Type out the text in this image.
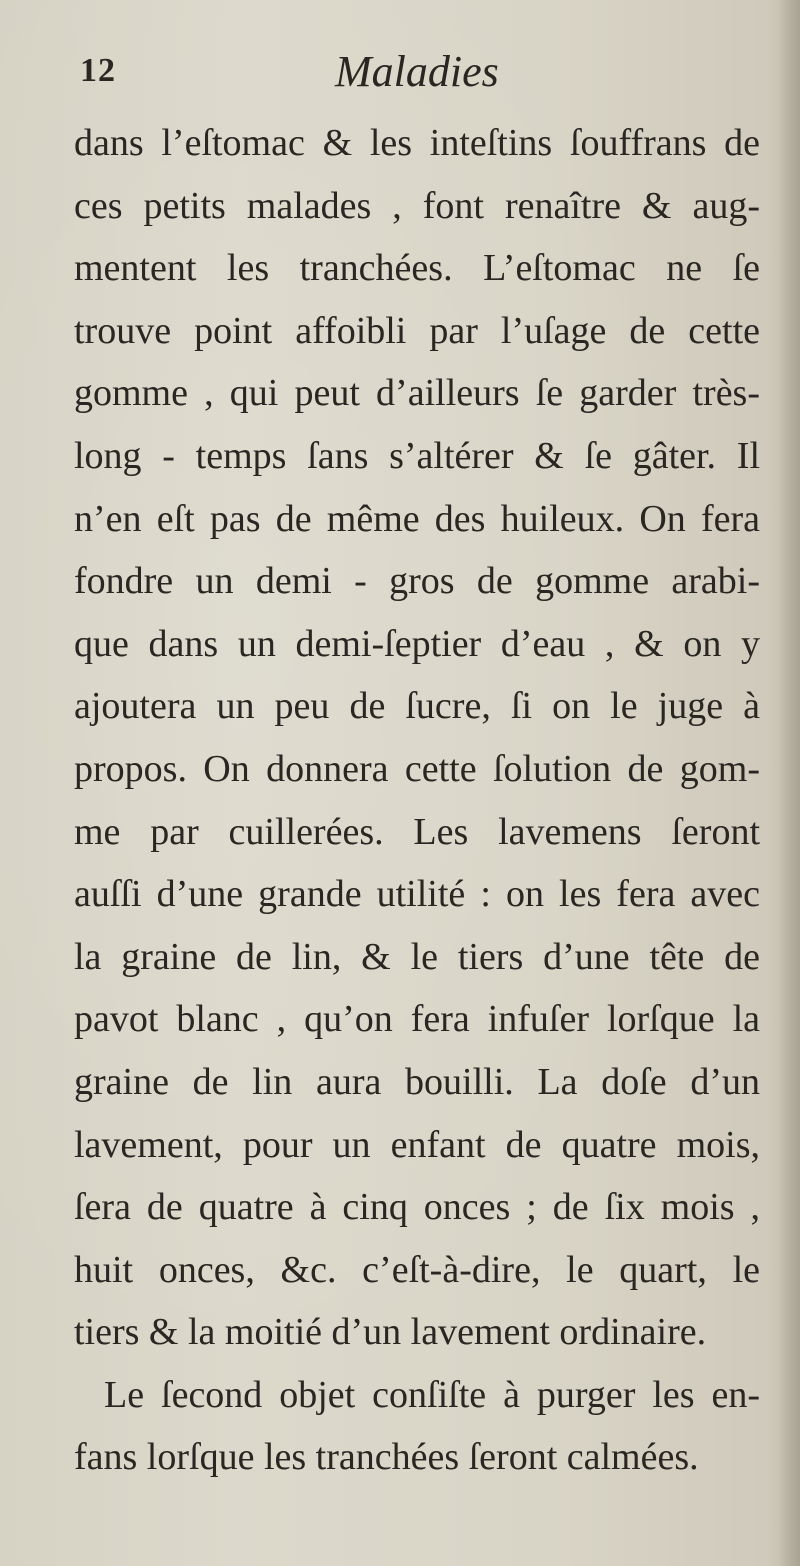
12	Maladies
dans l’eſtomac & les inteſtins ſouffrans de
ces petits malades , font renaître & aug-
mentent les tranchées. L’eſtomac ne ſe
trouve point affoibli par l’uſage de cette
gomme , qui peut d’ailleurs ſe garder très-
long - temps ſans s’altérer & ſe gâter. Il
n’en eſt pas de même des huileux. On fera
fondre un demi - gros de gomme arabi-
que dans un demi-ſeptier d’eau , & on y
ajoutera un peu de ſucre, ſi on le juge à
propos. On donnera cette ſolution de gom-
me par cuillerées. Les lavemens ſeront
auſſi d’une grande utilité : on les fera avec
la graine de lin, & le tiers d’une tête de
pavot blanc , qu’on fera infuſer lorſque la
graine de lin aura bouilli. La doſe d’un
lavement, pour un enfant de quatre mois,
ſera de quatre à cinq onces ; de ſix mois ,
huit onces, &c. c’eſt-à-dire, le quart, le
tiers & la moitié d’un lavement ordinaire.
Le ſecond objet conſiſte à purger les en-
fans lorſque les tranchées ſeront calmées.
